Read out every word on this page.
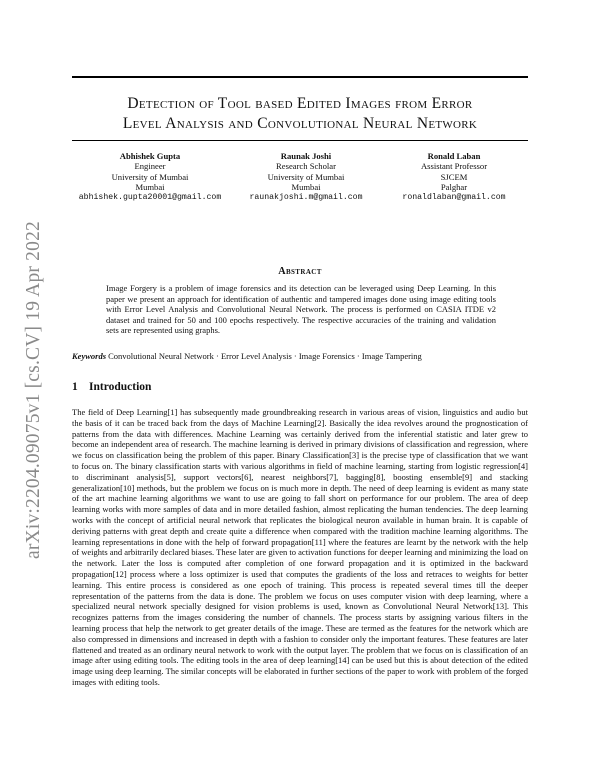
arXiv:2204.09075v1 [cs.CV] 19 Apr 2022
Detection of Tool based Edited Images from Error
Level Analysis and Convolutional Neural Network
Abhishek Gupta
Engineer
University of Mumbai
Mumbai
abhishek.gupta20001@gmail.com
Raunak Joshi
Research Scholar
University of Mumbai
Mumbai
raunakjoshi.m@gmail.com
Ronald Laban
Assistant Professor
SJCEM
Palghar
ronaldlaban@gmail.com
Abstract
Image Forgery is a problem of image forensics and its detection can be leveraged using Deep Learning. In this paper we present an approach for identification of authentic and tampered images done using image editing tools with Error Level Analysis and Convolutional Neural Network. The process is performed on CASIA ITDE v2 dataset and trained for 50 and 100 epochs respectively. The respective accuracies of the training and validation sets are represented using graphs.
Keywords Convolutional Neural Network · Error Level Analysis · Image Forensics · Image Tampering
1 Introduction

The field of Deep Learning[1] has subsequently made groundbreaking research in various areas of vision, linguistics and audio but the basis of it can be traced back from the days of Machine Learning[2]. Basically the idea revolves around the prognostication of patterns from the data with differences. Machine Learning was certainly derived from the inferential statistic and later grew to become an independent area of research. The machine learning is derived in primary divisions of classification and regression, where we focus on classification being the problem of this paper. Binary Classification[3] is the precise type of classification that we want to focus on. The binary classification starts with various algorithms in field of machine learning, starting from logistic regression[4] to discriminant analysis[5], support vectors[6], nearest neighbors[7], bagging[8], boosting ensemble[9] and stacking generalization[10] methods, but the problem we focus on is much more in depth. The need of deep learning is evident as many state of the art machine learning algorithms we want to use are going to fall short on performance for our problem. The area of deep learning works with more samples of data and in more detailed fashion, almost replicating the human tendencies. The deep learning works with the concept of artificial neural network that replicates the biological neuron available in human brain. It is capable of deriving patterns with great depth and create quite a difference when compared with the tradition machine learning algorithms. The learning representations in done with the help of forward propagation[11] where the features are learnt by the network with the help of weights and arbitrarily declared biases. These later are given to activation functions for deeper learning and minimizing the load on the network. Later the loss is computed after completion of one forward propagation and it is optimized in the backward propagation[12] process where a loss optimizer is used that computes the gradients of the loss and retraces to weights for better learning. This entire process is considered as one epoch of training. This process is repeated several times till the deeper representation of the patterns from the data is done. The problem we focus on uses computer vision with deep learning, where a specialized neural network specially designed for vision problems is used, known as Convolutional Neural Network[13]. This recognizes patterns from the images considering the number of channels. The process starts by assigning various filters in the learning process that help the network to get greater details of the image. These are termed as the features for the network which are also compressed in dimensions and increased in depth with a fashion to consider only the important features. These features are later flattened and treated as an ordinary neural network to work with the output layer. The problem that we focus on is classification of an image after using editing tools. The editing tools in the area of deep learning[14] can be used but this is about detection of the edited image using deep learning. The similar concepts will be elaborated in further sections of the paper to work with problem of the forged images with editing tools.
